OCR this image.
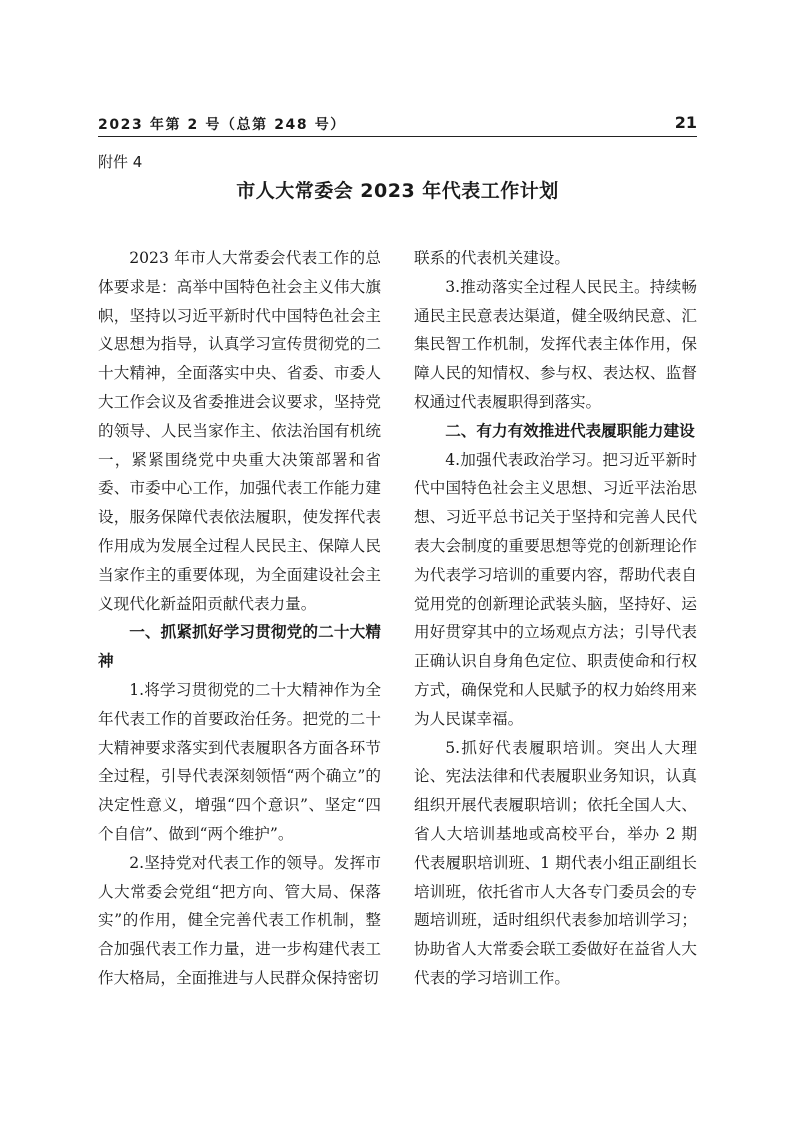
2023 年第 2 号（总第 248 号）	21
附件 4
市人大常委会 2023 年代表工作计划

2023 年市人大常委会代表工作的总体要求是：高举中国特色社会主义伟大旗帜，坚持以习近平新时代中国特色社会主义思想为指导，认真学习宣传贯彻党的二十大精神，全面落实中央、省委、市委人大工作会议及省委推进会议要求，坚持党的领导、人民当家作主、依法治国有机统一，紧紧围绕党中央重大决策部署和省委、市委中心工作，加强代表工作能力建设，服务保障代表依法履职，使发挥代表作用成为发展全过程人民民主、保障人民当家作主的重要体现，为全面建设社会主义现代化新益阳贡献代表力量。

一、抓紧抓好学习贯彻党的二十大精神

1.将学习贯彻党的二十大精神作为全年代表工作的首要政治任务。把党的二十大精神要求落实到代表履职各方面各环节全过程，引导代表深刻领悟“两个确立”的决定性意义，增强“四个意识”、坚定“四个自信”、做到“两个维护”。

2.坚持党对代表工作的领导。发挥市人大常委会党组“把方向、管大局、保落实”的作用，健全完善代表工作机制，整合加强代表工作力量，进一步构建代表工作大格局，全面推进与人民群众保持密切

联系的代表机关建设。

3.推动落实全过程人民民主。持续畅通民主民意表达渠道，健全吸纳民意、汇集民智工作机制，发挥代表主体作用，保障人民的知情权、参与权、表达权、监督权通过代表履职得到落实。

二、有力有效推进代表履职能力建设

4.加强代表政治学习。把习近平新时代中国特色社会主义思想、习近平法治思想、习近平总书记关于坚持和完善人民代表大会制度的重要思想等党的创新理论作为代表学习培训的重要内容，帮助代表自觉用党的创新理论武装头脑，坚持好、运用好贯穿其中的立场观点方法；引导代表正确认识自身角色定位、职责使命和行权方式，确保党和人民赋予的权力始终用来为人民谋幸福。

5.抓好代表履职培训。突出人大理论、宪法法律和代表履职业务知识，认真组织开展代表履职培训；依托全国人大、省人大培训基地或高校平台，举办 2 期代表履职培训班、1 期代表小组正副组长培训班，依托省市人大各专门委员会的专题培训班，适时组织代表参加培训学习；协助省人大常委会联工委做好在益省人大代表的学习培训工作。
